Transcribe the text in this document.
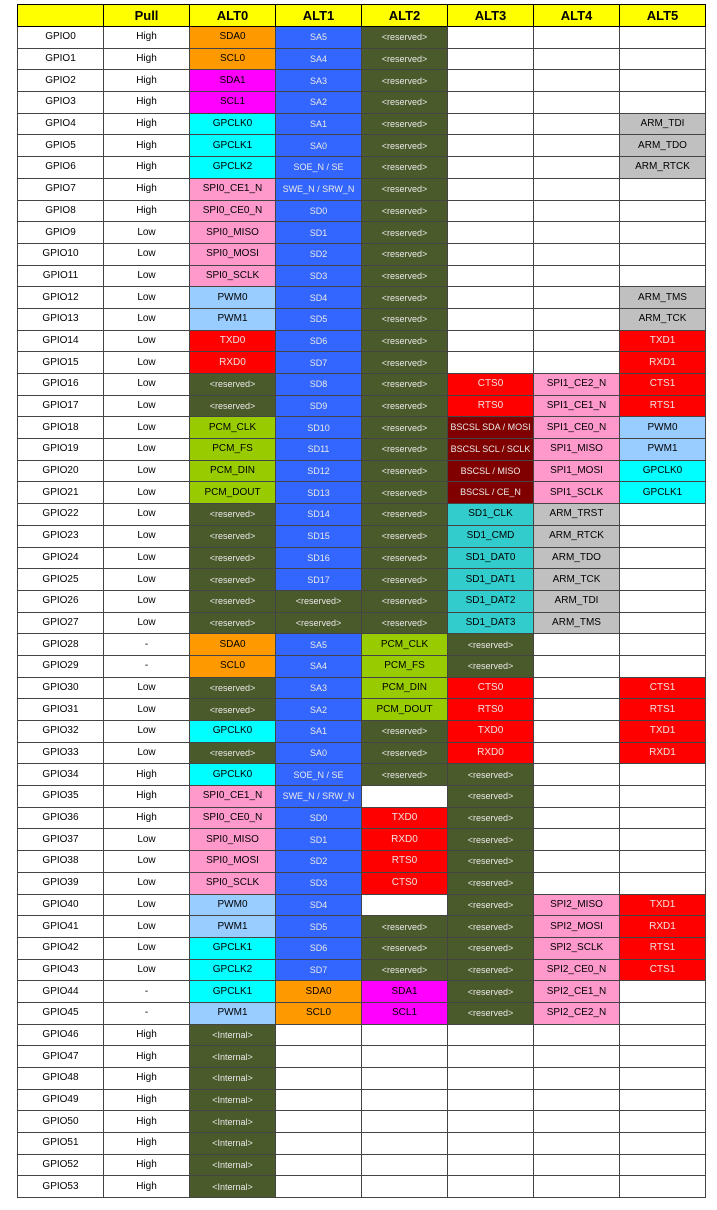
	Pull	ALT0	ALT1	ALT2	ALT3	ALT4	ALT5
GPIO0	High	SDA0	SA5	<reserved>			
GPIO1	High	SCL0	SA4	<reserved>			
GPIO2	High	SDA1	SA3	<reserved>			
GPIO3	High	SCL1	SA2	<reserved>			
GPIO4	High	GPCLK0	SA1	<reserved>			ARM_TDI
GPIO5	High	GPCLK1	SA0	<reserved>			ARM_TDO
GPIO6	High	GPCLK2	SOE_N / SE	<reserved>			ARM_RTCK
GPIO7	High	SPI0_CE1_N	SWE_N / SRW_N	<reserved>			
GPIO8	High	SPI0_CE0_N	SD0	<reserved>			
GPIO9	Low	SPI0_MISO	SD1	<reserved>			
GPIO10	Low	SPI0_MOSI	SD2	<reserved>			
GPIO11	Low	SPI0_SCLK	SD3	<reserved>			
GPIO12	Low	PWM0	SD4	<reserved>			ARM_TMS
GPIO13	Low	PWM1	SD5	<reserved>			ARM_TCK
GPIO14	Low	TXD0	SD6	<reserved>			TXD1
GPIO15	Low	RXD0	SD7	<reserved>			RXD1
GPIO16	Low	<reserved>	SD8	<reserved>	CTS0	SPI1_CE2_N	CTS1
GPIO17	Low	<reserved>	SD9	<reserved>	RTS0	SPI1_CE1_N	RTS1
GPIO18	Low	PCM_CLK	SD10	<reserved>	BSCSL SDA / MOSI	SPI1_CE0_N	PWM0
GPIO19	Low	PCM_FS	SD11	<reserved>	BSCSL SCL / SCLK	SPI1_MISO	PWM1
GPIO20	Low	PCM_DIN	SD12	<reserved>	BSCSL / MISO	SPI1_MOSI	GPCLK0
GPIO21	Low	PCM_DOUT	SD13	<reserved>	BSCSL / CE_N	SPI1_SCLK	GPCLK1
GPIO22	Low	<reserved>	SD14	<reserved>	SD1_CLK	ARM_TRST	
GPIO23	Low	<reserved>	SD15	<reserved>	SD1_CMD	ARM_RTCK	
GPIO24	Low	<reserved>	SD16	<reserved>	SD1_DAT0	ARM_TDO	
GPIO25	Low	<reserved>	SD17	<reserved>	SD1_DAT1	ARM_TCK	
GPIO26	Low	<reserved>	<reserved>	<reserved>	SD1_DAT2	ARM_TDI	
GPIO27	Low	<reserved>	<reserved>	<reserved>	SD1_DAT3	ARM_TMS	
GPIO28	-	SDA0	SA5	PCM_CLK	<reserved>		
GPIO29	-	SCL0	SA4	PCM_FS	<reserved>		
GPIO30	Low	<reserved>	SA3	PCM_DIN	CTS0		CTS1
GPIO31	Low	<reserved>	SA2	PCM_DOUT	RTS0		RTS1
GPIO32	Low	GPCLK0	SA1	<reserved>	TXD0		TXD1
GPIO33	Low	<reserved>	SA0	<reserved>	RXD0		RXD1
GPIO34	High	GPCLK0	SOE_N / SE	<reserved>	<reserved>		
GPIO35	High	SPI0_CE1_N	SWE_N / SRW_N		<reserved>		
GPIO36	High	SPI0_CE0_N	SD0	TXD0	<reserved>		
GPIO37	Low	SPI0_MISO	SD1	RXD0	<reserved>		
GPIO38	Low	SPI0_MOSI	SD2	RTS0	<reserved>		
GPIO39	Low	SPI0_SCLK	SD3	CTS0	<reserved>		
GPIO40	Low	PWM0	SD4		<reserved>	SPI2_MISO	TXD1
GPIO41	Low	PWM1	SD5	<reserved>	<reserved>	SPI2_MOSI	RXD1
GPIO42	Low	GPCLK1	SD6	<reserved>	<reserved>	SPI2_SCLK	RTS1
GPIO43	Low	GPCLK2	SD7	<reserved>	<reserved>	SPI2_CE0_N	CTS1
GPIO44	-	GPCLK1	SDA0	SDA1	<reserved>	SPI2_CE1_N	
GPIO45	-	PWM1	SCL0	SCL1	<reserved>	SPI2_CE2_N	
GPIO46	High	<Internal>					
GPIO47	High	<Internal>					
GPIO48	High	<Internal>					
GPIO49	High	<Internal>					
GPIO50	High	<Internal>					
GPIO51	High	<Internal>					
GPIO52	High	<Internal>					
GPIO53	High	<Internal>					
